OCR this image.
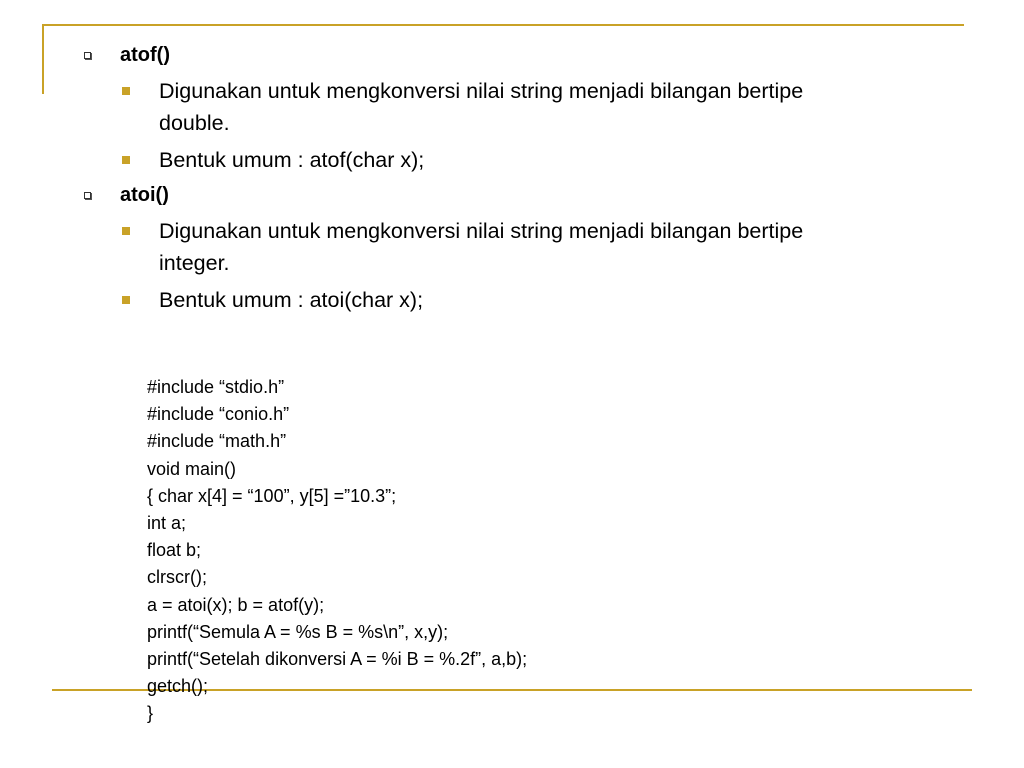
atof()
Digunakan untuk mengkonversi nilai string menjadi bilangan bertipe
double.
Bentuk umum : atof(char x);
atoi()
Digunakan untuk mengkonversi nilai string menjadi bilangan bertipe
integer.
Bentuk umum : atoi(char x);
#include “stdio.h”
#include “conio.h”
#include “math.h”
void main()
{ char x[4] = “100”, y[5] =”10.3”;
int a;
float b;
clrscr();
a = atoi(x); b = atof(y);
printf(“Semula A = %s B = %s\n”, x,y);
printf(“Setelah dikonversi A = %i B = %.2f”, a,b);
getch();
}
